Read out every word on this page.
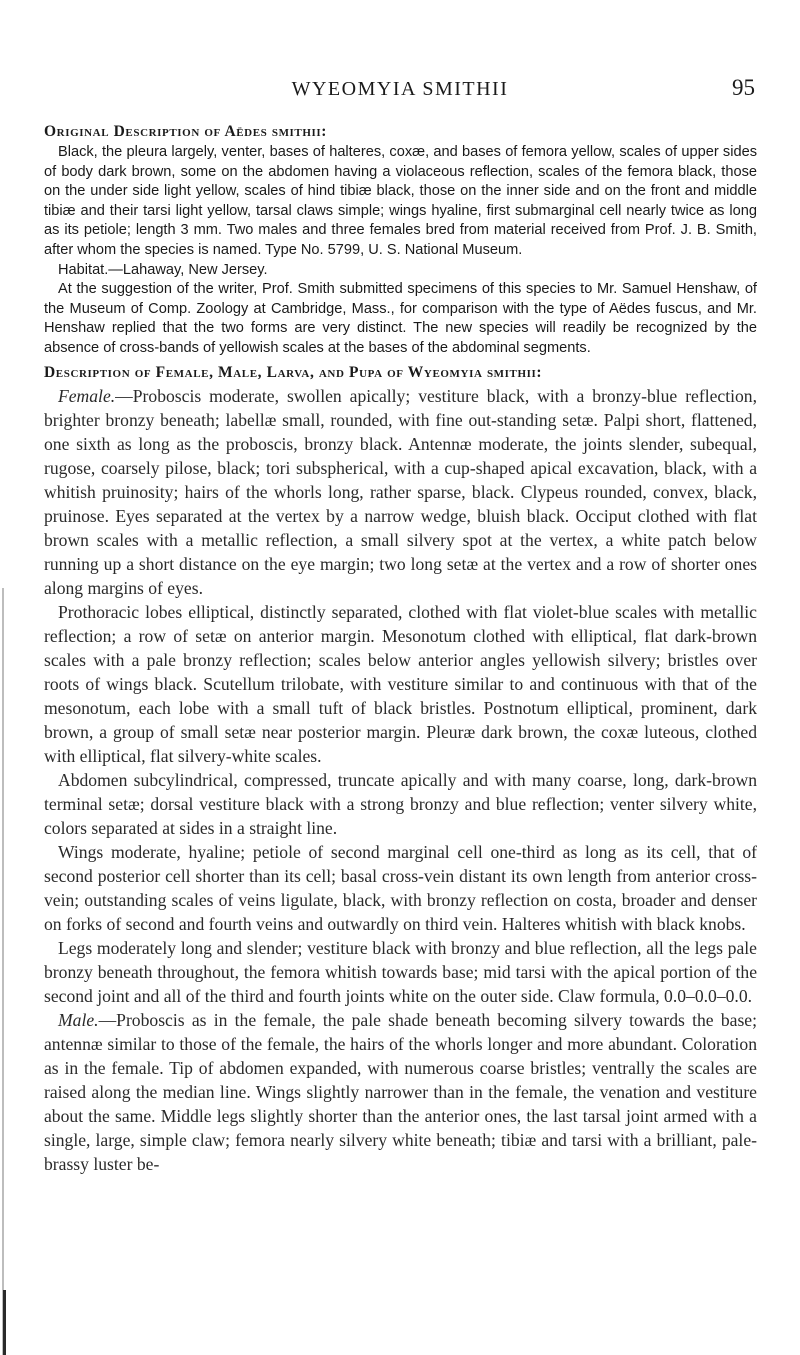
WYEOMYIA SMITHII	95
Original Description of Aëdes smithii:

Black, the pleura largely, venter, bases of halteres, coxæ, and bases of femora yellow, scales of upper sides of body dark brown, some on the abdomen having a violaceous reflection, scales of the femora black, those on the under side light yellow, scales of hind tibiæ black, those on the inner side and on the front and middle tibiæ and their tarsi light yellow, tarsal claws simple; wings hyaline, first submarginal cell nearly twice as long as its petiole; length 3 mm. Two males and three females bred from material received from Prof. J. B. Smith, after whom the species is named. Type No. 5799, U. S. National Museum.

Habitat.—Lahaway, New Jersey.

At the suggestion of the writer, Prof. Smith submitted specimens of this species to Mr. Samuel Henshaw, of the Museum of Comp. Zoology at Cambridge, Mass., for comparison with the type of Aëdes fuscus, and Mr. Henshaw replied that the two forms are very distinct. The new species will readily be recognized by the absence of cross-bands of yellowish scales at the bases of the abdominal segments.

Description of Female, Male, Larva, and Pupa of Wyeomyia smithii:

Female.—Proboscis moderate, swollen apically; vestiture black, with a bronzy-blue reflection, brighter bronzy beneath; labellæ small, rounded, with fine out-standing setæ. Palpi short, flattened, one sixth as long as the proboscis, bronzy black. Antennæ moderate, the joints slender, subequal, rugose, coarsely pilose, black; tori subspherical, with a cup-shaped apical excavation, black, with a whitish pruinosity; hairs of the whorls long, rather sparse, black. Clypeus rounded, convex, black, pruinose. Eyes separated at the vertex by a narrow wedge, bluish black. Occiput clothed with flat brown scales with a metallic reflection, a small silvery spot at the vertex, a white patch below running up a short distance on the eye margin; two long setæ at the vertex and a row of shorter ones along margins of eyes.

Prothoracic lobes elliptical, distinctly separated, clothed with flat violet-blue scales with metallic reflection; a row of setæ on anterior margin. Mesonotum clothed with elliptical, flat dark-brown scales with a pale bronzy reflection; scales below anterior angles yellowish silvery; bristles over roots of wings black. Scutellum trilobate, with vestiture similar to and continuous with that of the mesonotum, each lobe with a small tuft of black bristles. Postnotum elliptical, prominent, dark brown, a group of small setæ near posterior margin. Pleuræ dark brown, the coxæ luteous, clothed with elliptical, flat silvery-white scales.

Abdomen subcylindrical, compressed, truncate apically and with many coarse, long, dark-brown terminal setæ; dorsal vestiture black with a strong bronzy and blue reflection; venter silvery white, colors separated at sides in a straight line.

Wings moderate, hyaline; petiole of second marginal cell one-third as long as its cell, that of second posterior cell shorter than its cell; basal cross-vein distant its own length from anterior cross-vein; outstanding scales of veins ligulate, black, with bronzy reflection on costa, broader and denser on forks of second and fourth veins and outwardly on third vein. Halteres whitish with black knobs.

Legs moderately long and slender; vestiture black with bronzy and blue reflection, all the legs pale bronzy beneath throughout, the femora whitish towards base; mid tarsi with the apical portion of the second joint and all of the third and fourth joints white on the outer side. Claw formula, 0.0–0.0–0.0.

Male.—Proboscis as in the female, the pale shade beneath becoming silvery towards the base; antennæ similar to those of the female, the hairs of the whorls longer and more abundant. Coloration as in the female. Tip of abdomen expanded, with numerous coarse bristles; ventrally the scales are raised along the median line. Wings slightly narrower than in the female, the venation and vestiture about the same. Middle legs slightly shorter than the anterior ones, the last tarsal joint armed with a single, large, simple claw; femora nearly silvery white beneath; tibiæ and tarsi with a brilliant, pale-brassy luster be-
